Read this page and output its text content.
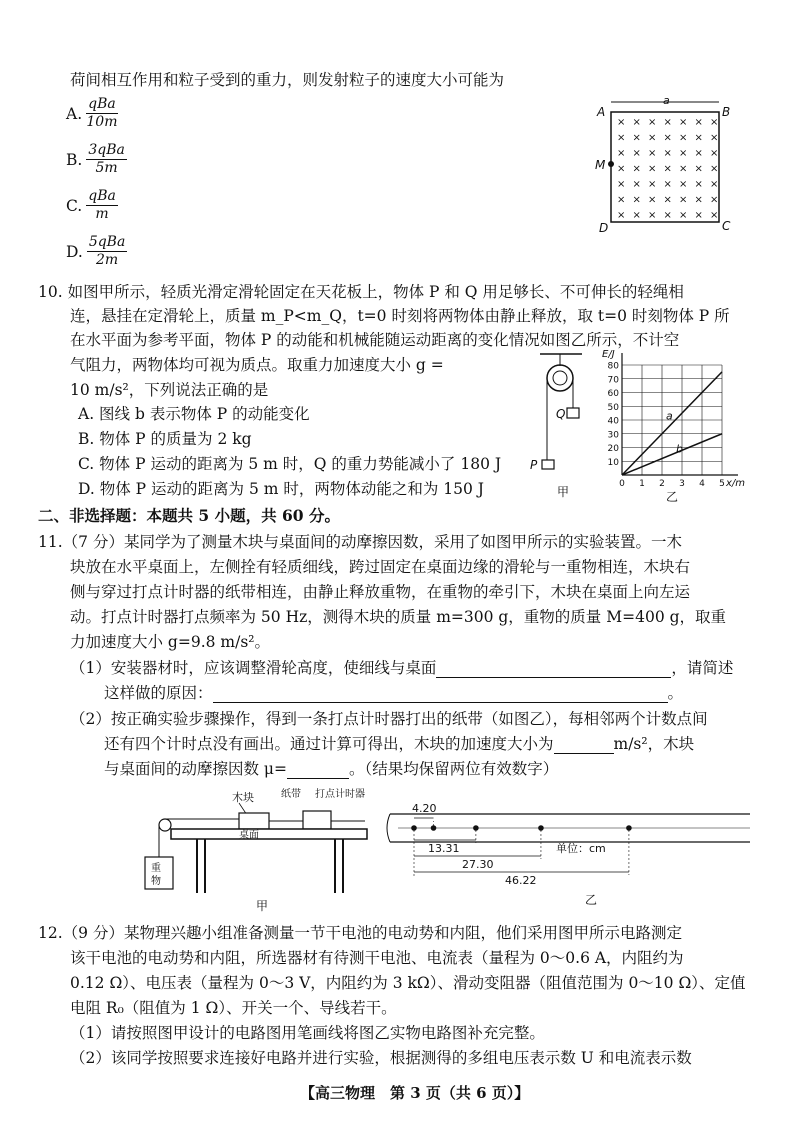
荷间相互作用和粒子受到的重力，则发射粒子的速度大小可能为
A. $\frac{\text{qBa}}{10m}$
B. $\frac{\text{3qBa}}{5m}$
C. $\frac{\text{qBa}}{m}$
D. $\frac{\text{5qBa}}{2m}$
a
× × × × × × ×
× × × × × × ×
× × × × × × ×
× × × × × × ×
× × × × × × ×
× × × × × × ×
× × × × × × ×
A	B
C
D
M
10. 如图甲所示，轻质光滑定滑轮固定在天花板上，物体 P 和 Q 用足够长、不可伸长的轻绳相
连，悬挂在定滑轮上，质量 m_P<m_Q，t=0 时刻将两物体由静止释放，取 t=0 时刻物体 P 所
在水平面为参考平面，物体 P 的动能和机械能随运动距离的变化情况如图乙所示，不计空
气阻力，两物体均可视为质点。取重力加速度大小 g =
10 m/s²，下列说法正确的是
A. 图线 b 表示物体 P 的动能变化
B. 物体 P 的质量为 2 kg
C. 物体 P 运动的距离为 5 m 时，Q 的重力势能减小了 180 J
D. 物体 P 运动的距离为 5 m 时，两物体动能之和为 150 J
Q
P
甲
10
20
30
40
50
60
70
80
0 1 2 3 4 5
E/J
x/m
a
b
乙
二、非选择题：本题共 5 小题，共 60 分。
11.（7 分）某同学为了测量木块与桌面间的动摩擦因数，采用了如图甲所示的实验装置。一木
块放在水平桌面上，左侧拴有轻质细线，跨过固定在桌面边缘的滑轮与一重物相连，木块右
侧与穿过打点计时器的纸带相连，由静止释放重物，在重物的牵引下，木块在桌面上向左运
动。打点计时器打点频率为 50 Hz，测得木块的质量 m=300 g，重物的质量 M=400 g，取重
力加速度大小 g=9.8 m/s²。
（1）安装器材时，应该调整滑轮高度，使细线与桌面	，请简述
这样做的原因：	。
（2）按正确实验步骤操作，得到一条打点计时器打出的纸带（如图乙），每相邻两个计数点间
还有四个计时点没有画出。通过计算可得出，木块的加速度大小为	m/s²，木块
与桌面间的动摩擦因数 μ=	。（结果均保留两位有效数字）
木块	纸带 打点计时器
桌面
重
物
甲
4.20
13.31
27.30
46.22
单位：cm
乙
12.（9 分）某物理兴趣小组准备测量一节干电池的电动势和内阻，他们采用图甲所示电路测定
该干电池的电动势和内阻，所选器材有待测干电池、电流表（量程为 0～0.6 A，内阻约为
0.12 Ω）、电压表（量程为 0～3 V，内阻约为 3 kΩ）、滑动变阻器（阻值范围为 0～10 Ω）、定值
电阻 R₀（阻值为 1 Ω）、开关一个、导线若干。
（1）请按照图甲设计的电路图用笔画线将图乙实物电路图补充完整。
（2）该同学按照要求连接好电路并进行实验，根据测得的多组电压表示数 U 和电流表示数
【高三物理　第 3 页（共 6 页）】
